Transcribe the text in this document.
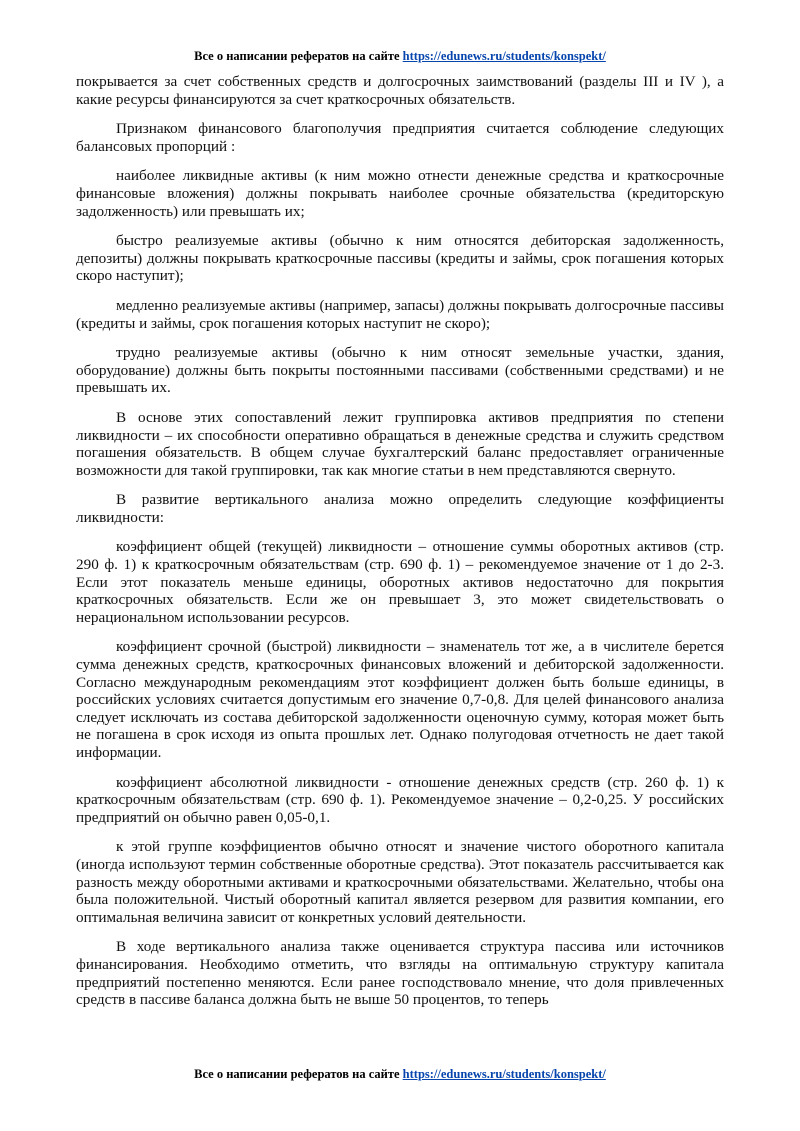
Все о написании рефератов на сайте https://edunews.ru/students/konspekt/

покрывается за счет собственных средств и долгосрочных заимствований (разделы III и IV ), а какие ресурсы финансируются за счет краткосрочных обязательств.

Признаком финансового благополучия предприятия считается соблюдение следующих балансовых пропорций :

наиболее ликвидные активы (к ним можно отнести денежные средства и краткосрочные финансовые вложения) должны покрывать наиболее срочные обязательства (кредиторскую задолженность) или превышать их;

быстро реализуемые активы (обычно к ним относятся дебиторская задолженность, депозиты) должны покрывать краткосрочные пассивы (кредиты и займы, срок погашения которых скоро наступит);

медленно реализуемые активы (например, запасы) должны покрывать долгосрочные пассивы (кредиты и займы, срок погашения которых наступит не скоро);

трудно реализуемые активы (обычно к ним относят земельные участки, здания, оборудование) должны быть покрыты постоянными пассивами (собственными средствами) и не превышать их.

В основе этих сопоставлений лежит группировка активов предприятия по степени ликвидности – их способности оперативно обращаться в денежные средства и служить средством погашения обязательств. В общем случае бухгалтерский баланс предоставляет ограниченные возможности для такой группировки, так как многие статьи в нем представляются свернуто.

В развитие вертикального анализа можно определить следующие коэффициенты ликвидности:

коэффициент общей (текущей) ликвидности – отношение суммы оборотных активов (стр. 290 ф. 1) к краткосрочным обязательствам (стр. 690 ф. 1) – рекомендуемое значение от 1 до 2-3. Если этот показатель меньше единицы, оборотных активов недостаточно для покрытия краткосрочных обязательств. Если же он превышает 3, это может свидетельствовать о нерациональном использовании ресурсов.

коэффициент срочной (быстрой) ликвидности – знаменатель тот же, а в числителе берется сумма денежных средств, краткосрочных финансовых вложений и дебиторской задолженности. Согласно международным рекомендациям этот коэффициент должен быть больше единицы, в российских условиях считается допустимым его значение 0,7-0,8. Для целей финансового анализа следует исключать из состава дебиторской задолженности оценочную сумму, которая может быть не погашена в срок исходя из опыта прошлых лет. Однако полугодовая отчетность не дает такой информации.

коэффициент абсолютной ликвидности - отношение денежных средств (стр. 260 ф. 1) к краткосрочным обязательствам (стр. 690 ф. 1). Рекомендуемое значение – 0,2-0,25. У российских предприятий он обычно равен 0,05-0,1.

к этой группе коэффициентов обычно относят и значение чистого оборотного капитала (иногда используют термин собственные оборотные средства). Этот показатель рассчитывается как разность между оборотными активами и краткосрочными обязательствами. Желательно, чтобы она была положительной. Чистый оборотный капитал является резервом для развития компании, его оптимальная величина зависит от конкретных условий деятельности.

В ходе вертикального анализа также оценивается структура пассива или источников финансирования. Необходимо отметить, что взгляды на оптимальную структуру капитала предприятий постепенно меняются. Если ранее господствовало мнение, что доля привлеченных средств в пассиве баланса должна быть не выше 50 процентов, то теперь

Все о написании рефератов на сайте https://edunews.ru/students/konspekt/
